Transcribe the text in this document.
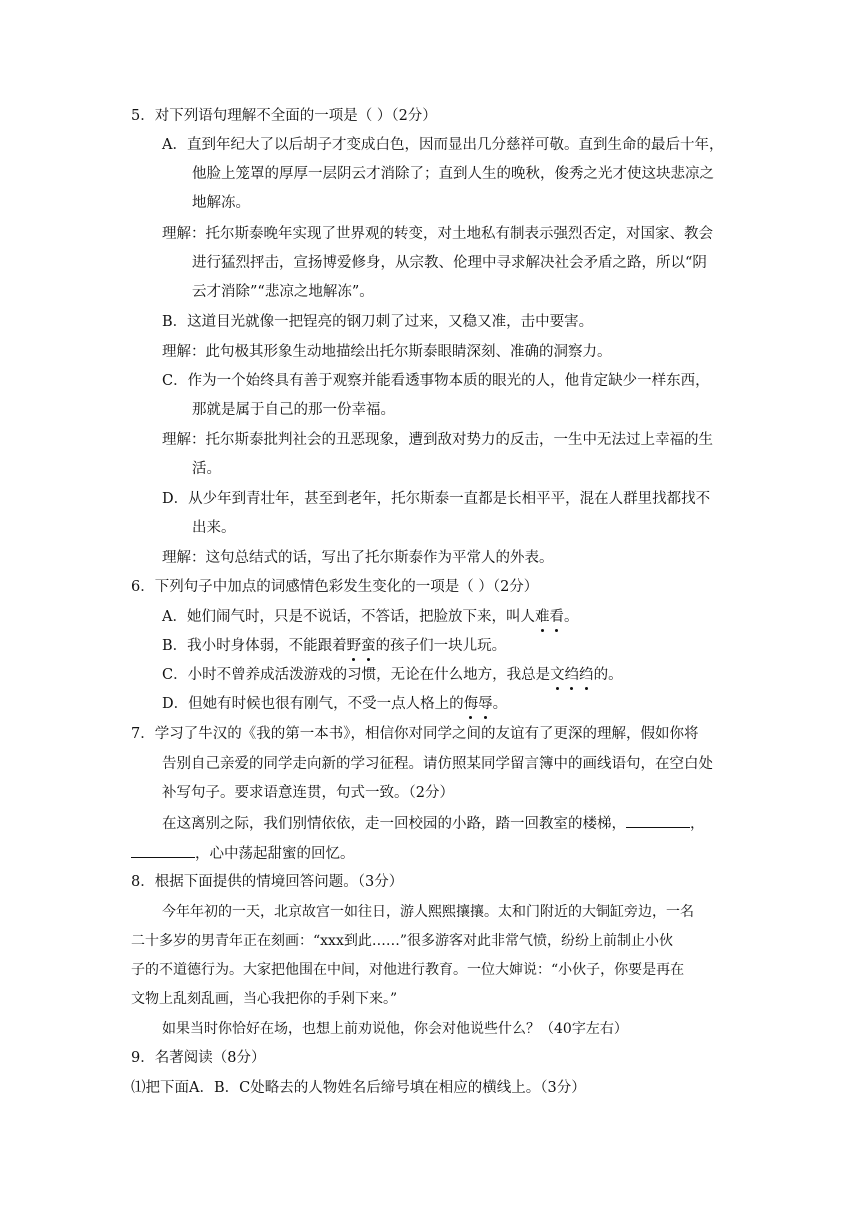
5．对下列语句理解不全面的一项是（ ）（2分）
A．直到年纪大了以后胡子才变成白色，因而显出几分慈祥可敬。直到生命的最后十年，
他脸上笼罩的厚厚一层阴云才消除了；直到人生的晚秋，俊秀之光才使这块悲凉之
地解冻。
理解：托尔斯泰晚年实现了世界观的转变，对土地私有制表示强烈否定，对国家、教会
进行猛烈抨击，宣扬博爱修身，从宗教、伦理中寻求解决社会矛盾之路，所以“阴
云才消除”“悲凉之地解冻”。
B．这道目光就像一把锃亮的钢刀刺了过来，又稳又准，击中要害。
理解：此句极其形象生动地描绘出托尔斯泰眼睛深刻、准确的洞察力。
C．作为一个始终具有善于观察并能看透事物本质的眼光的人，他肯定缺少一样东西，
那就是属于自己的那一份幸福。
理解：托尔斯泰批判社会的丑恶现象，遭到敌对势力的反击，一生中无法过上幸福的生
活。
D．从少年到青壮年，甚至到老年，托尔斯泰一直都是长相平平，混在人群里找都找不
出来。
理解：这句总结式的话，写出了托尔斯泰作为平常人的外表。
6．下列句子中加点的词感情色彩发生变化的一项是（ ）（2分）
A．她们闹气时，只是不说话，不答话，把脸放下来，叫人难看。
B．我小时身体弱，不能跟着野蛮的孩子们一块儿玩。
C．小时不曾养成活泼游戏的习惯，无论在什么地方，我总是文绉绉的。
D．但她有时候也很有刚气，不受一点人格上的侮辱。
7．学习了牛汉的《我的第一本书》，相信你对同学之间的友谊有了更深的理解，假如你将
告别自己亲爱的同学走向新的学习征程。请仿照某同学留言簿中的画线语句，在空白处
补写句子。要求语意连贯，句式一致。（2分）
在这离别之际，我们别情依依，走一回校园的小路，踏一回教室的楼梯，	，
，心中荡起甜蜜的回忆。
8．根据下面提供的情境回答问题。（3分）
今年年初的一天，北京故宫一如往日，游人熙熙攘攘。太和门附近的大铜缸旁边，一名
二十多岁的男青年正在刻画：“xxx到此……”很多游客对此非常气愤，纷纷上前制止小伙
子的不道德行为。大家把他围在中间，对他进行教育。一位大婶说：“小伙子，你要是再在
文物上乱刻乱画，当心我把你的手剁下来。”
如果当时你恰好在场，也想上前劝说他，你会对他说些什么？（40字左右）
9．名著阅读（8分）
⑴把下面A．B．C处略去的人物姓名后缔号填在相应的横线上。（3分）
